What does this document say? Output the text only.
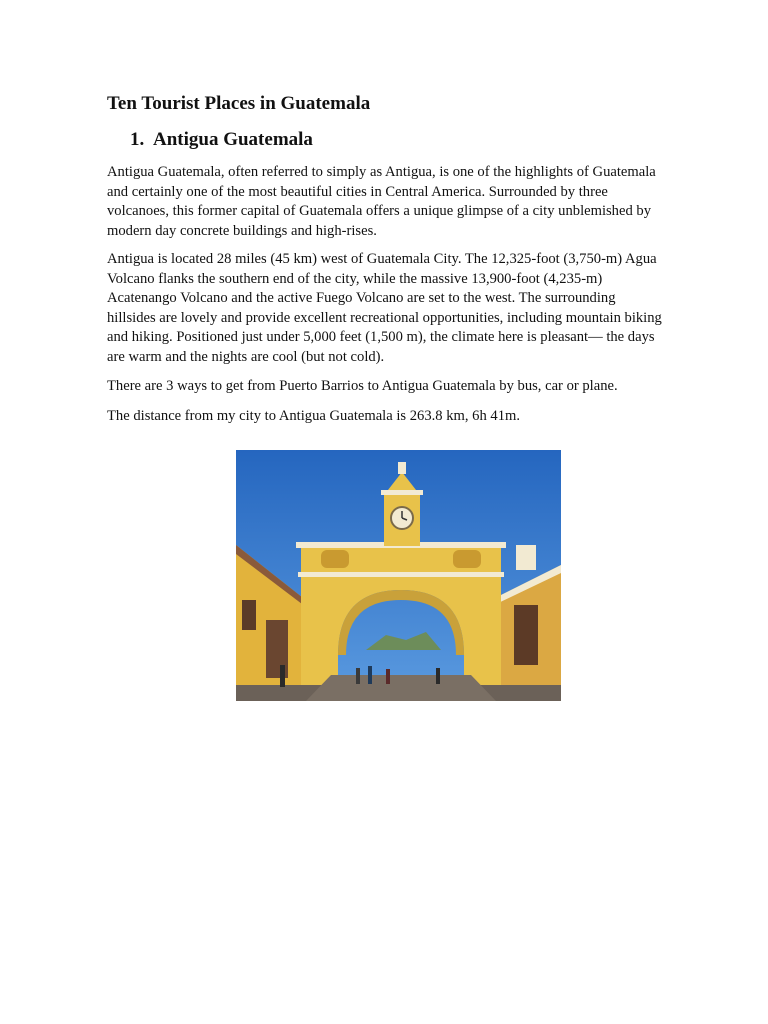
Ten Tourist Places in Guatemala
1. Antigua Guatemala

Antigua Guatemala, often referred to simply as Antigua, is one of the highlights of Guatemala and certainly one of the most beautiful cities in Central America. Surrounded by three volcanoes, this former capital of Guatemala offers a unique glimpse of a city unblemished by modern day concrete buildings and high-rises.

Antigua is located 28 miles (45 km) west of Guatemala City. The 12,325-foot (3,750-m) Agua Volcano flanks the southern end of the city, while the massive 13,900-foot (4,235-m) Acatenango Volcano and the active Fuego Volcano are set to the west. The surrounding hillsides are lovely and provide excellent recreational opportunities, including mountain biking and hiking. Positioned just under 5,000 feet (1,500 m), the climate here is pleasant— the days are warm and the nights are cool (but not cold).

There are 3 ways to get from Puerto Barrios to Antigua Guatemala by bus, car or plane.

The distance from my city to Antigua Guatemala is 263.8 km, 6h 41m.
